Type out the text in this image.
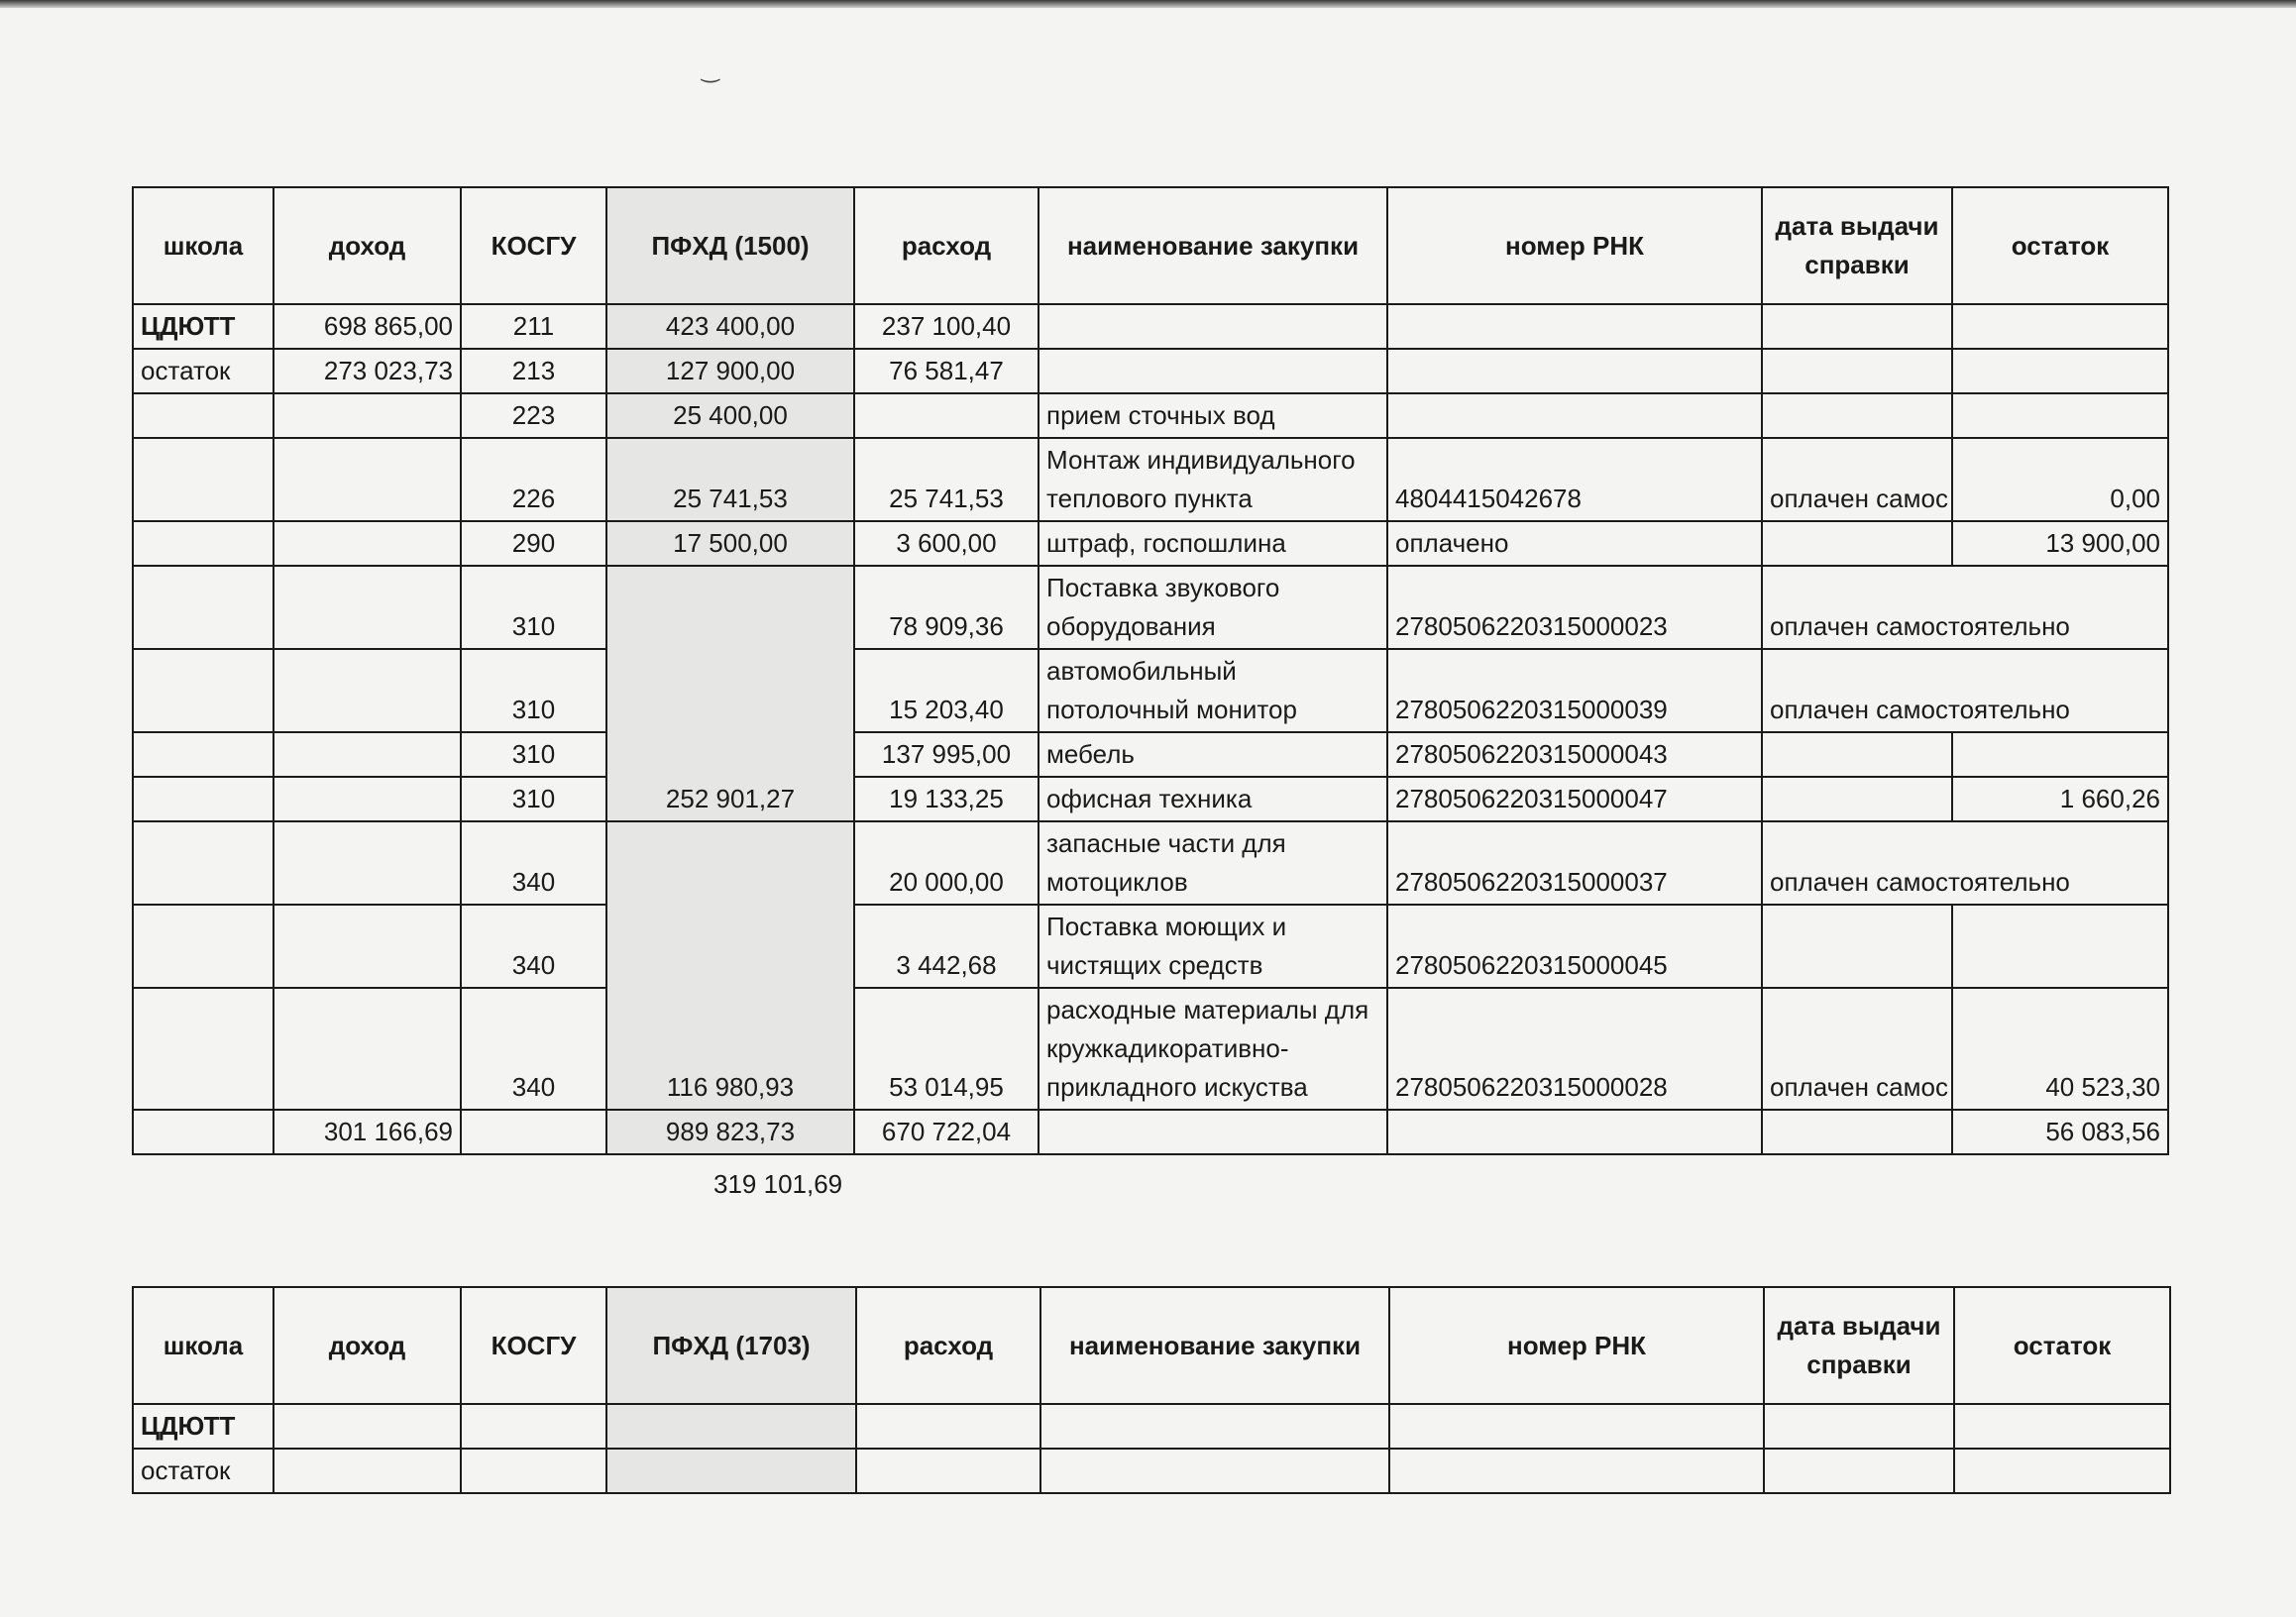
‿
школа	доход	КОСГУ	ПФХД (1500)	расход	наименование закупки	номер РНК	дата выдачи справки	остаток
ЦДЮТТ	698 865,00	211	423 400,00	237 100,40				
остаток	273 023,73	213	127 900,00	76 581,47				
		223	25 400,00		прием сточных вод			
		226	25 741,53	25 741,53	Монтаж индивидуального теплового пункта	4804415042678	оплачен самос	0,00
		290	17 500,00	3 600,00	штраф, госпошлина	оплачено		13 900,00
		310	252 901,27	78 909,36	Поставка звукового оборудования	2780506220315000023	оплачен самостоятельно	
		310		15 203,40	автомобильный потолочный монитор	2780506220315000039	оплачен самостоятельно	
		310		137 995,00	мебель	2780506220315000043		
		310		19 133,25	офисная техника	2780506220315000047		1 660,26
		340	116 980,93	20 000,00	запасные части для мотоциклов	2780506220315000037	оплачен самостоятельно	
		340		3 442,68	Поставка моющих и чистящих средств	2780506220315000045		
		340		53 014,95	расходные материалы для кружкадикоративно-прикладного искуства	2780506220315000028	оплачен самос	40 523,30
	301 166,69		989 823,73	670 722,04				56 083,56
319 101,69
школа	доход	КОСГУ	ПФХД (1703)	расход	наименование закупки	номер РНК	дата выдачи справки	остаток
ЦДЮТТ								
остаток								
